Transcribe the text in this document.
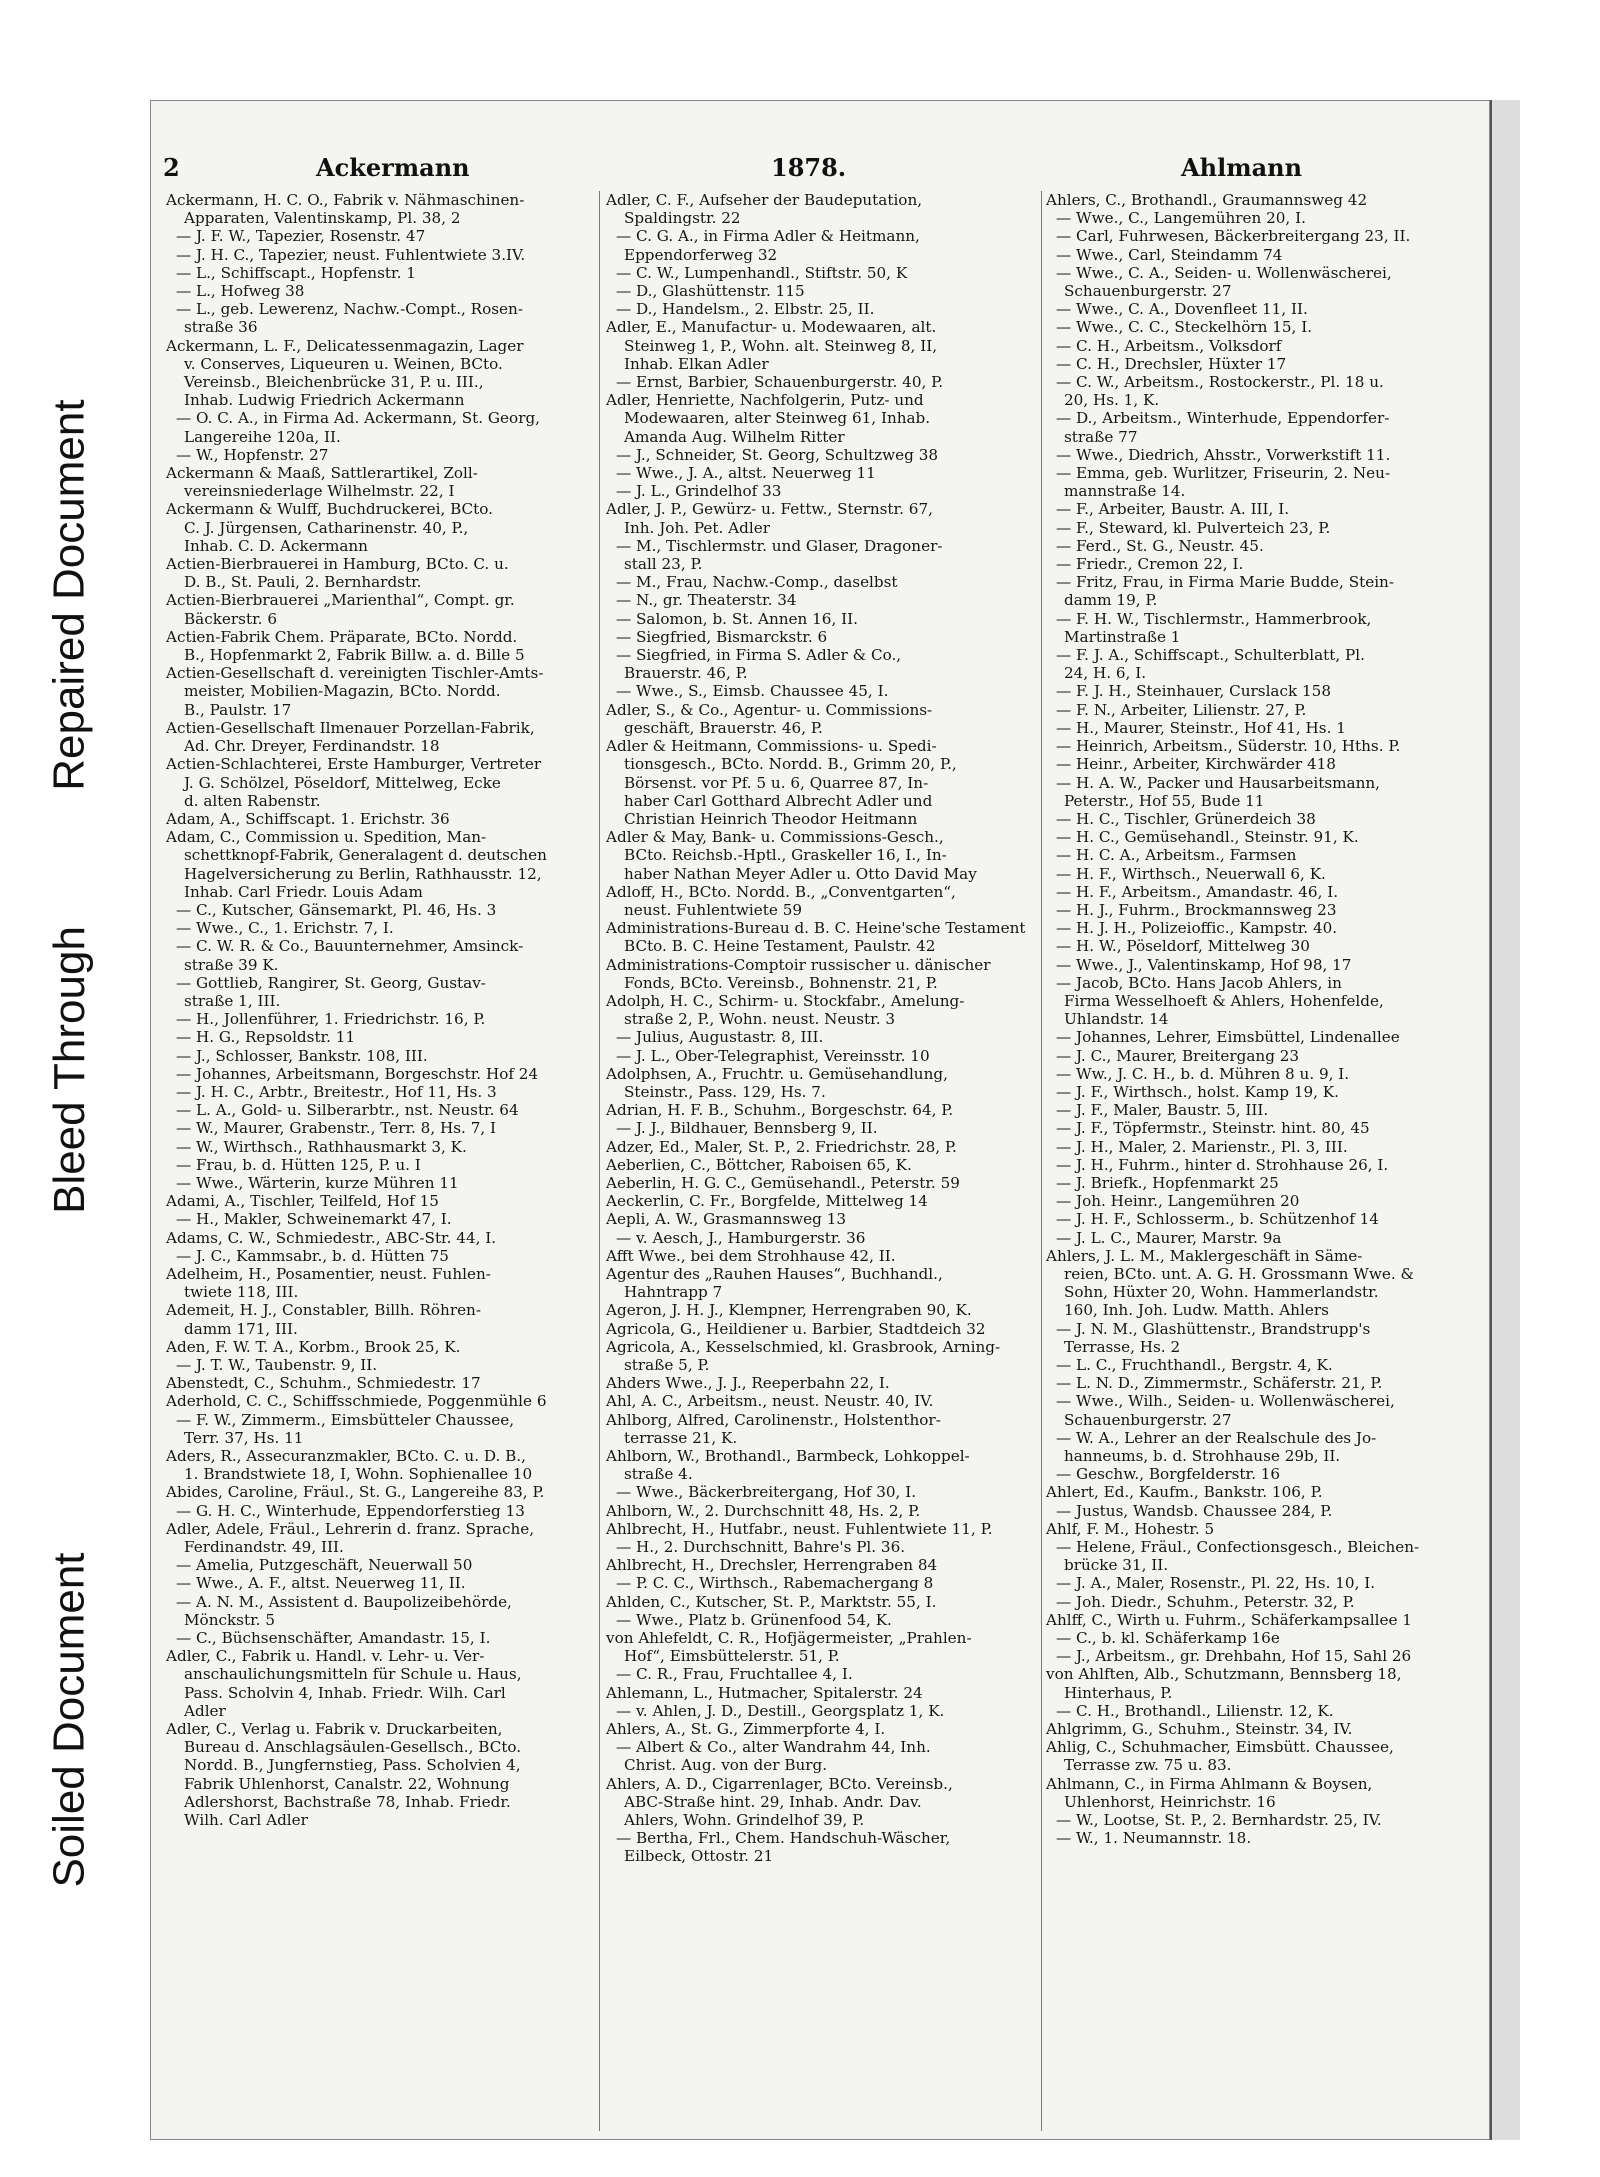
Repaired Document
Bleed Through
Soiled Document
2	Ackermann	1878.	Ahlmann
Ackermann, H. C. O., Fabrik v. Nähmaschinen-
Apparaten, Valentinskamp, Pl. 38, 2
— J. F. W., Tapezier, Rosenstr. 47
— J. H. C., Tapezier, neust. Fuhlentwiete 3.IV.
— L., Schiffscapt., Hopfenstr. 1
— L., Hofweg 38
— L., geb. Lewerenz, Nachw.-Compt., Rosen-
straße 36
Ackermann, L. F., Delicatessenmagazin, Lager
v. Conserves, Liqueuren u. Weinen, BCto.
Vereinsb., Bleichenbrücke 31, P. u. III.,
Inhab. Ludwig Friedrich Ackermann
— O. C. A., in Firma Ad. Ackermann, St. Georg,
Langereihe 120a, II.
— W., Hopfenstr. 27
Ackermann & Maaß, Sattlerartikel, Zoll-
vereinsniederlage Wilhelmstr. 22, I
Ackermann & Wulff, Buchdruckerei, BCto.
C. J. Jürgensen, Catharinenstr. 40, P.,
Inhab. C. D. Ackermann
Actien-Bierbrauerei in Hamburg, BCto. C. u.
D. B., St. Pauli, 2. Bernhardstr.
Actien-Bierbrauerei „Marienthal“, Compt. gr.
Bäckerstr. 6
Actien-Fabrik Chem. Präparate, BCto. Nordd.
B., Hopfenmarkt 2, Fabrik Billw. a. d. Bille 5
Actien-Gesellschaft d. vereinigten Tischler-Amts-
meister, Mobilien-Magazin, BCto. Nordd.
B., Paulstr. 17
Actien-Gesellschaft Ilmenauer Porzellan-Fabrik,
Ad. Chr. Dreyer, Ferdinandstr. 18
Actien-Schlachterei, Erste Hamburger, Vertreter
J. G. Schölzel, Pöseldorf, Mittelweg, Ecke
d. alten Rabenstr.
Adam, A., Schiffscapt. 1. Erichstr. 36
Adam, C., Commission u. Spedition, Man-
schettknopf-Fabrik, Generalagent d. deutschen
Hagelversicherung zu Berlin, Rathhausstr. 12,
Inhab. Carl Friedr. Louis Adam
— C., Kutscher, Gänsemarkt, Pl. 46, Hs. 3
— Wwe., C., 1. Erichstr. 7, I.
— C. W. R. & Co., Bauunternehmer, Amsinck-
straße 39 K.
— Gottlieb, Rangirer, St. Georg, Gustav-
straße 1, III.
— H., Jollenführer, 1. Friedrichstr. 16, P.
— H. G., Repsoldstr. 11
— J., Schlosser, Bankstr. 108, III.
— Johannes, Arbeitsmann, Borgeschstr. Hof 24
— J. H. C., Arbtr., Breitestr., Hof 11, Hs. 3
— L. A., Gold- u. Silberarbtr., nst. Neustr. 64
— W., Maurer, Grabenstr., Terr. 8, Hs. 7, I
— W., Wirthsch., Rathhausmarkt 3, K.
— Frau, b. d. Hütten 125, P. u. I
— Wwe., Wärterin, kurze Mühren 11
Adami, A., Tischler, Teilfeld, Hof 15
— H., Makler, Schweinemarkt 47, I.
Adams, C. W., Schmiedestr., ABC-Str. 44, I.
— J. C., Kammsabr., b. d. Hütten 75
Adelheim, H., Posamentier, neust. Fuhlen-
twiete 118, III.
Ademeit, H. J., Constabler, Billh. Röhren-
damm 171, III.
Aden, F. W. T. A., Korbm., Brook 25, K.
— J. T. W., Taubenstr. 9, II.
Abenstedt, C., Schuhm., Schmiedestr. 17
Aderhold, C. C., Schiffsschmiede, Poggenmühle 6
— F. W., Zimmerm., Eimsbütteler Chaussee,
Terr. 37, Hs. 11
Aders, R., Assecuranzmakler, BCto. C. u. D. B.,
1. Brandstwiete 18, I, Wohn. Sophienallee 10
Abides, Caroline, Fräul., St. G., Langereihe 83, P.
— G. H. C., Winterhude, Eppendorferstieg 13
Adler, Adele, Fräul., Lehrerin d. franz. Sprache,
Ferdinandstr. 49, III.
— Amelia, Putzgeschäft, Neuerwall 50
— Wwe., A. F., altst. Neuerweg 11, II.
— A. N. M., Assistent d. Baupolizeibehörde,
Mönckstr. 5
— C., Büchsenschäfter, Amandastr. 15, I.
Adler, C., Fabrik u. Handl. v. Lehr- u. Ver-
anschaulichungsmitteln für Schule u. Haus,
Pass. Scholvin 4, Inhab. Friedr. Wilh. Carl
Adler
Adler, C., Verlag u. Fabrik v. Druckarbeiten,
Bureau d. Anschlagsäulen-Gesellsch., BCto.
Nordd. B., Jungfernstieg, Pass. Scholvien 4,
Fabrik Uhlenhorst, Canalstr. 22, Wohnung
Adlershorst, Bachstraße 78, Inhab. Friedr.
Wilh. Carl Adler
Adler, C. F., Aufseher der Baudeputation,
Spaldingstr. 22
— C. G. A., in Firma Adler & Heitmann,
Eppendorferweg 32
— C. W., Lumpenhandl., Stiftstr. 50, K
— D., Glashüttenstr. 115
— D., Handelsm., 2. Elbstr. 25, II.
Adler, E., Manufactur- u. Modewaaren, alt.
Steinweg 1, P., Wohn. alt. Steinweg 8, II,
Inhab. Elkan Adler
— Ernst, Barbier, Schauenburgerstr. 40, P.
Adler, Henriette, Nachfolgerin, Putz- und
Modewaaren, alter Steinweg 61, Inhab.
Amanda Aug. Wilhelm Ritter
— J., Schneider, St. Georg, Schultzweg 38
— Wwe., J. A., altst. Neuerweg 11
— J. L., Grindelhof 33
Adler, J. P., Gewürz- u. Fettw., Sternstr. 67,
Inh. Joh. Pet. Adler
— M., Tischlermstr. und Glaser, Dragoner-
stall 23, P.
— M., Frau, Nachw.-Comp., daselbst
— N., gr. Theaterstr. 34
— Salomon, b. St. Annen 16, II.
— Siegfried, Bismarckstr. 6
— Siegfried, in Firma S. Adler & Co.,
Brauerstr. 46, P.
— Wwe., S., Eimsb. Chaussee 45, I.
Adler, S., & Co., Agentur- u. Commissions-
geschäft, Brauerstr. 46, P.
Adler & Heitmann, Commissions- u. Spedi-
tionsgesch., BCto. Nordd. B., Grimm 20, P.,
Börsenst. vor Pf. 5 u. 6, Quarree 87, In-
haber Carl Gotthard Albrecht Adler und
Christian Heinrich Theodor Heitmann
Adler & May, Bank- u. Commissions-Gesch.,
BCto. Reichsb.-Hptl., Graskeller 16, I., In-
haber Nathan Meyer Adler u. Otto David May
Adloff, H., BCto. Nordd. B., „Conventgarten“,
neust. Fuhlentwiete 59
Administrations-Bureau d. B. C. Heine'sche Testament
BCto. B. C. Heine Testament, Paulstr. 42
Administrations-Comptoir russischer u. dänischer
Fonds, BCto. Vereinsb., Bohnenstr. 21, P.
Adolph, H. C., Schirm- u. Stockfabr., Amelung-
straße 2, P., Wohn. neust. Neustr. 3
— Julius, Augustastr. 8, III.
— J. L., Ober-Telegraphist, Vereinsstr. 10
Adolphsen, A., Fruchtr. u. Gemüsehandlung,
Steinstr., Pass. 129, Hs. 7.
Adrian, H. F. B., Schuhm., Borgeschstr. 64, P.
— J. J., Bildhauer, Bennsberg 9, II.
Adzer, Ed., Maler, St. P., 2. Friedrichstr. 28, P.
Aeberlien, C., Böttcher, Raboisen 65, K.
Aeberlin, H. G. C., Gemüsehandl., Peterstr. 59
Aeckerlin, C. Fr., Borgfelde, Mittelweg 14
Aepli, A. W., Grasmannsweg 13
— v. Aesch, J., Hamburgerstr. 36
Afft Wwe., bei dem Strohhause 42, II.
Agentur des „Rauhen Hauses“, Buchhandl.,
Hahntrapp 7
Ageron, J. H. J., Klempner, Herrengraben 90, K.
Agricola, G., Heildiener u. Barbier, Stadtdeich 32
Agricola, A., Kesselschmied, kl. Grasbrook, Arning-
straße 5, P.
Ahders Wwe., J. J., Reeperbahn 22, I.
Ahl, A. C., Arbeitsm., neust. Neustr. 40, IV.
Ahlborg, Alfred, Carolinenstr., Holstenthor-
terrasse 21, K.
Ahlborn, W., Brothandl., Barmbeck, Lohkoppel-
straße 4.
— Wwe., Bäckerbreitergang, Hof 30, I.
Ahlborn, W., 2. Durchschnitt 48, Hs. 2, P.
Ahlbrecht, H., Hutfabr., neust. Fuhlentwiete 11, P.
— H., 2. Durchschnitt, Bahre's Pl. 36.
Ahlbrecht, H., Drechsler, Herrengraben 84
— P. C. C., Wirthsch., Rabemachergang 8
Ahlden, C., Kutscher, St. P., Marktstr. 55, I.
— Wwe., Platz b. Grünenfood 54, K.
von Ahlefeldt, C. R., Hofjägermeister, „Prahlen-
Hof“, Eimsbüttelerstr. 51, P.
— C. R., Frau, Fruchtallee 4, I.
Ahlemann, L., Hutmacher, Spitalerstr. 24
— v. Ahlen, J. D., Destill., Georgsplatz 1, K.
Ahlers, A., St. G., Zimmerpforte 4, I.
— Albert & Co., alter Wandrahm 44, Inh.
Christ. Aug. von der Burg.
Ahlers, A. D., Cigarrenlager, BCto. Vereinsb.,
ABC-Straße hint. 29, Inhab. Andr. Dav.
Ahlers, Wohn. Grindelhof 39, P.
— Bertha, Frl., Chem. Handschuh-Wäscher,
Eilbeck, Ottostr. 21
Ahlers, C., Brothandl., Graumannsweg 42
— Wwe., C., Langemühren 20, I.
— Carl, Fuhrwesen, Bäckerbreitergang 23, II.
— Wwe., Carl, Steindamm 74
— Wwe., C. A., Seiden- u. Wollenwäscherei,
Schauenburgerstr. 27
— Wwe., C. A., Dovenfleet 11, II.
— Wwe., C. C., Steckelhörn 15, I.
— C. H., Arbeitsm., Volksdorf
— C. H., Drechsler, Hüxter 17
— C. W., Arbeitsm., Rostockerstr., Pl. 18 u.
20, Hs. 1, K.
— D., Arbeitsm., Winterhude, Eppendorfer-
straße 77
— Wwe., Diedrich, Ahsstr., Vorwerkstift 11.
— Emma, geb. Wurlitzer, Friseurin, 2. Neu-
mannstraße 14.
— F., Arbeiter, Baustr. A. III, I.
— F., Steward, kl. Pulverteich 23, P.
— Ferd., St. G., Neustr. 45.
— Friedr., Cremon 22, I.
— Fritz, Frau, in Firma Marie Budde, Stein-
damm 19, P.
— F. H. W., Tischlermstr., Hammerbrook,
Martinstraße 1
— F. J. A., Schiffscapt., Schulterblatt, Pl.
24, H. 6, I.
— F. J. H., Steinhauer, Curslack 158
— F. N., Arbeiter, Lilienstr. 27, P.
— H., Maurer, Steinstr., Hof 41, Hs. 1
— Heinrich, Arbeitsm., Süderstr. 10, Hths. P.
— Heinr., Arbeiter, Kirchwärder 418
— H. A. W., Packer und Hausarbeitsmann,
Peterstr., Hof 55, Bude 11
— H. C., Tischler, Grünerdeich 38
— H. C., Gemüsehandl., Steinstr. 91, K.
— H. C. A., Arbeitsm., Farmsen
— H. F., Wirthsch., Neuerwall 6, K.
— H. F., Arbeitsm., Amandastr. 46, I.
— H. J., Fuhrm., Brockmannsweg 23
— H. J. H., Polizeioffic., Kampstr. 40.
— H. W., Pöseldorf, Mittelweg 30
— Wwe., J., Valentinskamp, Hof 98, 17
— Jacob, BCto. Hans Jacob Ahlers, in
Firma Wesselhoeft & Ahlers, Hohenfelde,
Uhlandstr. 14
— Johannes, Lehrer, Eimsbüttel, Lindenallee
— J. C., Maurer, Breitergang 23
— Ww., J. C. H., b. d. Mühren 8 u. 9, I.
— J. F., Wirthsch., holst. Kamp 19, K.
— J. F., Maler, Baustr. 5, III.
— J. F., Töpfermstr., Steinstr. hint. 80, 45
— J. H., Maler, 2. Marienstr., Pl. 3, III.
— J. H., Fuhrm., hinter d. Strohhause 26, I.
— J. Briefk., Hopfenmarkt 25
— Joh. Heinr., Langemühren 20
— J. H. F., Schlosserm., b. Schützenhof 14
— J. L. C., Maurer, Marstr. 9a
Ahlers, J. L. M., Maklergeschäft in Säme-
reien, BCto. unt. A. G. H. Grossmann Wwe. &
Sohn, Hüxter 20, Wohn. Hammerlandstr.
160, Inh. Joh. Ludw. Matth. Ahlers
— J. N. M., Glashüttenstr., Brandstrupp's
Terrasse, Hs. 2
— L. C., Fruchthandl., Bergstr. 4, K.
— L. N. D., Zimmermstr., Schäferstr. 21, P.
— Wwe., Wilh., Seiden- u. Wollenwäscherei,
Schauenburgerstr. 27
— W. A., Lehrer an der Realschule des Jo-
hanneums, b. d. Strohhause 29b, II.
— Geschw., Borgfelderstr. 16
Ahlert, Ed., Kaufm., Bankstr. 106, P.
— Justus, Wandsb. Chaussee 284, P.
Ahlf, F. M., Hohestr. 5
— Helene, Fräul., Confectionsgesch., Bleichen-
brücke 31, II.
— J. A., Maler, Rosenstr., Pl. 22, Hs. 10, I.
— Joh. Diedr., Schuhm., Peterstr. 32, P.
Ahlff, C., Wirth u. Fuhrm., Schäferkampsallee 1
— C., b. kl. Schäferkamp 16e
— J., Arbeitsm., gr. Drehbahn, Hof 15, Sahl 26
von Ahlften, Alb., Schutzmann, Bennsberg 18,
Hinterhaus, P.
— C. H., Brothandl., Lilienstr. 12, K.
Ahlgrimm, G., Schuhm., Steinstr. 34, IV.
Ahlig, C., Schuhmacher, Eimsbütt. Chaussee,
Terrasse zw. 75 u. 83.
Ahlmann, C., in Firma Ahlmann & Boysen,
Uhlenhorst, Heinrichstr. 16
— W., Lootse, St. P., 2. Bernhardstr. 25, IV.
— W., 1. Neumannstr. 18.
